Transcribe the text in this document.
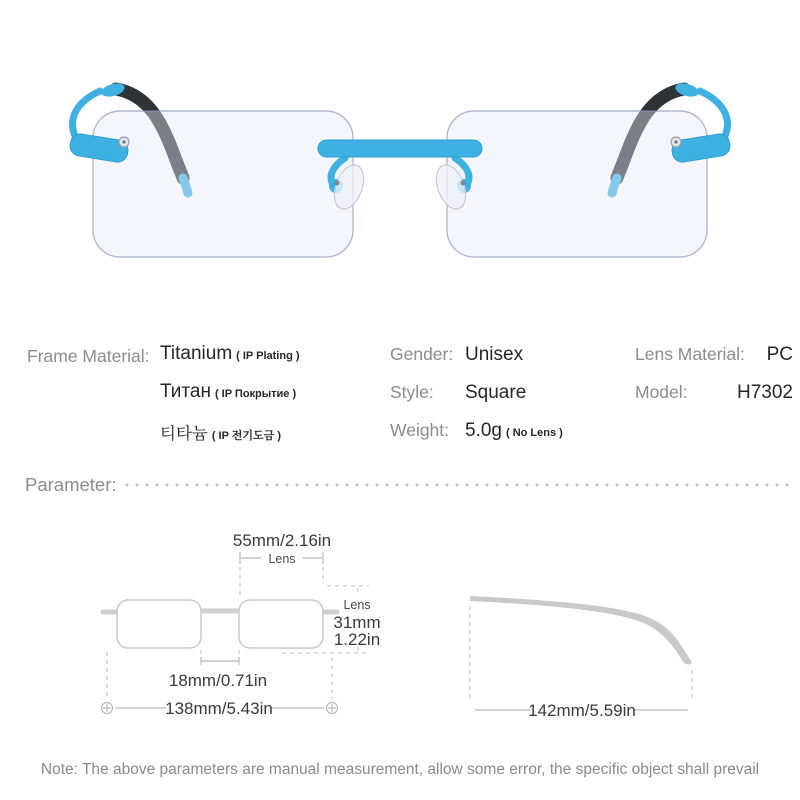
Frame Material: Titanium ( IP Plating )
Титан ( IP Покрытие )
티타늄 ( IP 전기도금 )
Gender: Unisex
Style:	Square
Weight: 5.0g ( No Lens )
Lens Material: PC
Model:	H7302
Parameter:
55mm/2.16in
Lens
Lens
31mm
1.22in
18mm/0.71in
138mm/5.43in	142mm/5.59in
Note: The above parameters are manual measurement, allow some error, the specific object shall prevail
